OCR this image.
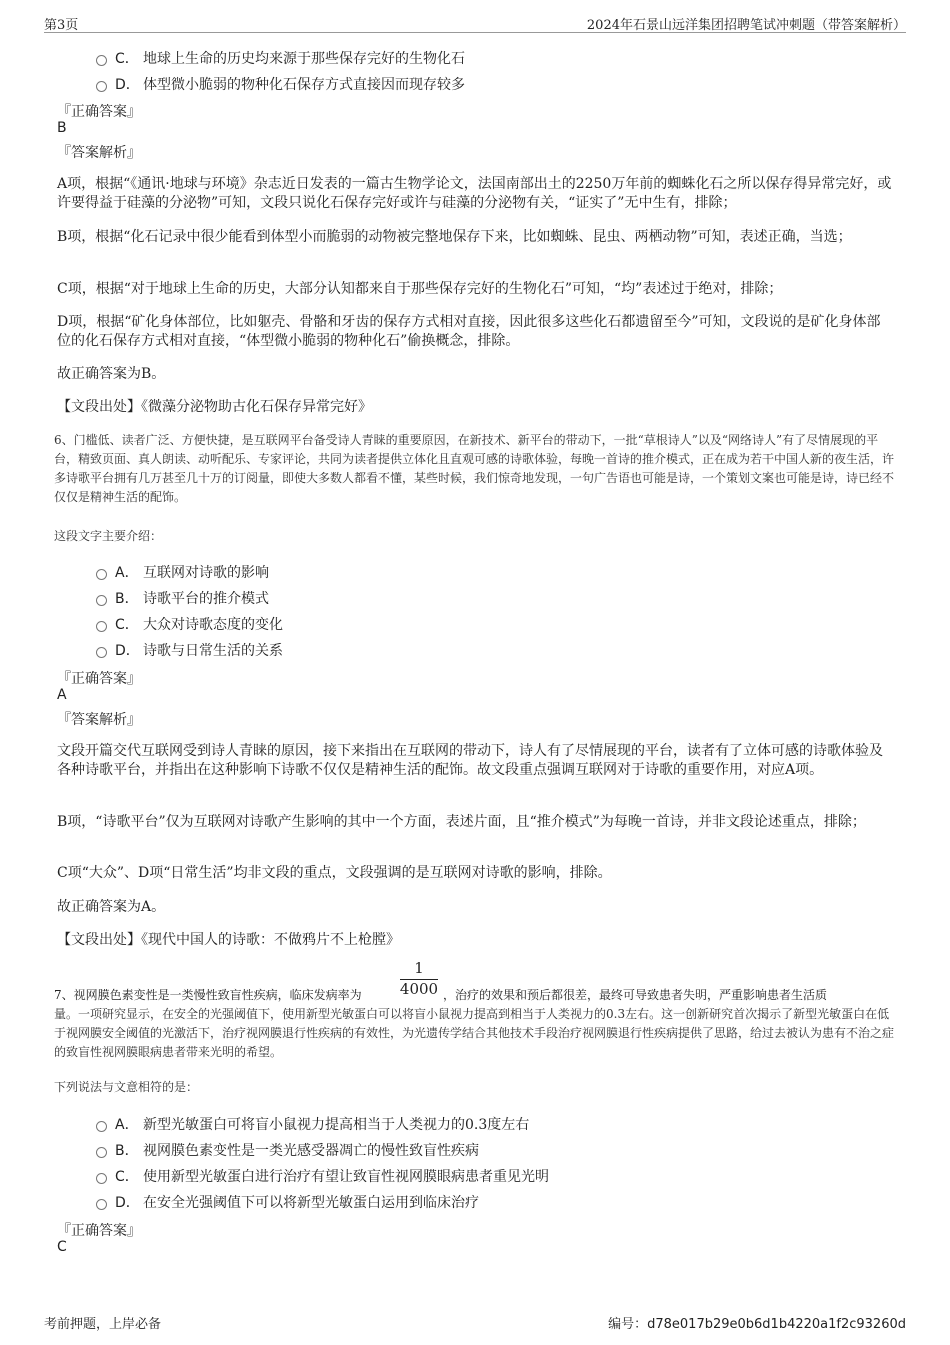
第3页	2024年石景山远洋集团招聘笔试冲刺题（带答案解析）
C． 地球上生命的历史均来源于那些保存完好的生物化石
D． 体型微小脆弱的物种化石保存方式直接因而现存较多
『正确答案』
B
『答案解析』
A项，根据“《通讯·地球与环境》杂志近日发表的一篇古生物学论文，法国南部出土的2250万年前的蜘蛛化石之所以保存得异常完好，或许要得益于硅藻的分泌物”可知，文段只说化石保存完好或许与硅藻的分泌物有关，“证实了”无中生有，排除；
B项，根据“化石记录中很少能看到体型小而脆弱的动物被完整地保存下来，比如蜘蛛、昆虫、两栖动物”可知，表述正确，当选；
C项，根据“对于地球上生命的历史，大部分认知都来自于那些保存完好的生物化石”可知，“均”表述过于绝对，排除；
D项，根据“矿化身体部位，比如躯壳、骨骼和牙齿的保存方式相对直接，因此很多这些化石都遗留至今”可知，文段说的是矿化身体部位的化石保存方式相对直接，“体型微小脆弱的物种化石”偷换概念，排除。
故正确答案为B。
【文段出处】《微藻分泌物助古化石保存异常完好》
6、门槛低、读者广泛、方便快捷，是互联网平台备受诗人青睐的重要原因，在新技术、新平台的带动下，一批“草根诗人”以及“网络诗人”有了尽情展现的平台，精致页面、真人朗读、动听配乐、专家评论，共同为读者提供立体化且直观可感的诗歌体验，每晚一首诗的推介模式，正在成为若干中国人新的夜生活，许多诗歌平台拥有几万甚至几十万的订阅量，即使大多数人都看不懂，某些时候，我们惊奇地发现，一句广告语也可能是诗，一个策划文案也可能是诗，诗已经不仅仅是精神生活的配饰。
这段文字主要介绍：
A． 互联网对诗歌的影响
B． 诗歌平台的推介模式
C． 大众对诗歌态度的变化
D． 诗歌与日常生活的关系
『正确答案』
A
『答案解析』
文段开篇交代互联网受到诗人青睐的原因，接下来指出在互联网的带动下，诗人有了尽情展现的平台，读者有了立体可感的诗歌体验及各种诗歌平台，并指出在这种影响下诗歌不仅仅是精神生活的配饰。故文段重点强调互联网对于诗歌的重要作用，对应A项。
B项，“诗歌平台”仅为互联网对诗歌产生影响的其中一个方面，表述片面，且“推介模式”为每晚一首诗，并非文段论述重点，排除；
C项“大众”、D项“日常生活”均非文段的重点，文段强调的是互联网对诗歌的影响，排除。
故正确答案为A。
【文段出处】《现代中国人的诗歌：不做鸦片不上枪膛》
7、视网膜色素变性是一类慢性致盲性疾病，临床发病率为
1
4000 ，治疗的效果和预后都很差，最终可导致患者失明，严重影响患者生活质
量。一项研究显示，在安全的光强阈值下，使用新型光敏蛋白可以将盲小鼠视力提高到相当于人类视力的0.3左右。这一创新研究首次揭示了新型光敏蛋白在低于视网膜安全阈值的光激活下，治疗视网膜退行性疾病的有效性，为光遗传学结合其他技术手段治疗视网膜退行性疾病提供了思路，给过去被认为患有不治之症的致盲性视网膜眼病患者带来光明的希望。
下列说法与文意相符的是：
A． 新型光敏蛋白可将盲小鼠视力提高相当于人类视力的0.3度左右
B． 视网膜色素变性是一类光感受器凋亡的慢性致盲性疾病
C． 使用新型光敏蛋白进行治疗有望让致盲性视网膜眼病患者重见光明
D． 在安全光强阈值下可以将新型光敏蛋白运用到临床治疗
『正确答案』
C
考前押题，上岸必备	编号：d78e017b29e0b6d1b4220a1f2c93260d
